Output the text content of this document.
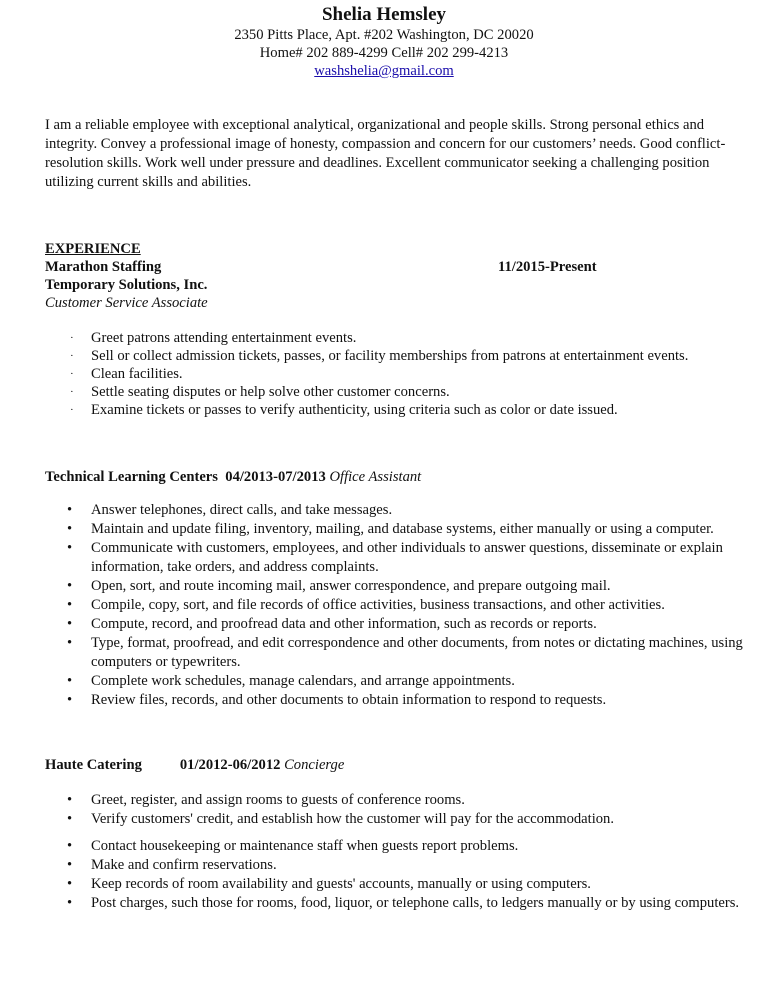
Shelia Hemsley
2350 Pitts Place, Apt. #202 Washington, DC 20020
Home# 202 889-4299 Cell# 202 299-4213
washshelia@gmail.com
I am a reliable employee with exceptional analytical, organizational and people skills. Strong personal ethics and integrity. Convey a professional image of honesty, compassion and concern for our customers’ needs. Good conflict-resolution skills. Work well under pressure and deadlines. Excellent communicator seeking a challenging position utilizing current skills and abilities.
EXPERIENCE
Marathon Staffing	11/2015-Present
Temporary Solutions, Inc.
Customer Service Associate
· Greet patrons attending entertainment events.
· Sell or collect admission tickets, passes, or facility memberships from patrons at entertainment events.
· Clean facilities.
· Settle seating disputes or help solve other customer concerns.
· Examine tickets or passes to verify authenticity, using criteria such as color or date issued.
Technical Learning Centers 04/2013-07/2013 Office Assistant
• Answer telephones, direct calls, and take messages.
• Maintain and update filing, inventory, mailing, and database systems, either manually or using a computer.
• Communicate with customers, employees, and other individuals to answer questions, disseminate or explain information, take orders, and address complaints.
• Open, sort, and route incoming mail, answer correspondence, and prepare outgoing mail.
• Compile, copy, sort, and file records of office activities, business transactions, and other activities.
• Compute, record, and proofread data and other information, such as records or reports.
• Type, format, proofread, and edit correspondence and other documents, from notes or dictating machines, using computers or typewriters.
• Complete work schedules, manage calendars, and arrange appointments.
• Review files, records, and other documents to obtain information to respond to requests.
Haute Catering	01/2012-06/2012 Concierge
• Greet, register, and assign rooms to guests of conference rooms.
• Verify customers' credit, and establish how the customer will pay for the accommodation.
• Contact housekeeping or maintenance staff when guests report problems.
• Make and confirm reservations.
• Keep records of room availability and guests' accounts, manually or using computers.
• Post charges, such those for rooms, food, liquor, or telephone calls, to ledgers manually or by using computers.
